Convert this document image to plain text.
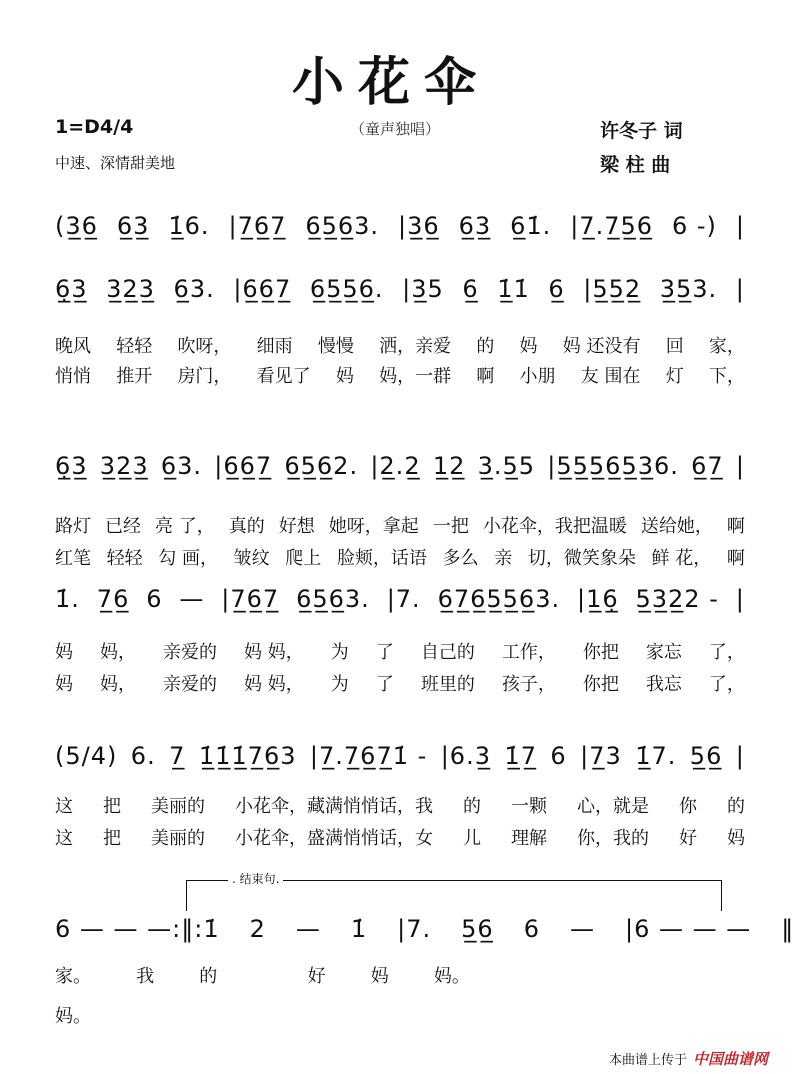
小花伞
1=D4/4
中速、深情甜美地
（童声独唱）	许冬子 词
梁 柱 曲
(3̲6̲ 6̲3̲ 1̲̇6. |7̲6̲7̲ 6̲5̲6̲3. |3̲6̲ 6̲3̲ 6̲1̇. |7̲.7̲5̲6̲ 6 -) |
6̣̲3̲ 3̲2̲3̲ 6̲3. |6̲6̲7̲ 6̲5̲5̲6̲. |3̲5 6̲ 1̲̇1̇ 6̲ |5̲5̲2̲ 3̲5̲3. |
晚风 轻轻 吹呀， 细雨 慢慢 洒，亲爱 的 妈 妈 还没有 回 家，
悄悄 推开 房门， 看见了 妈 妈，一群 啊 小朋 友 围在 灯 下，
6̣̲3̲ 3̲2̲3̲ 6̲3. |6̲6̲7̲ 6̲5̲6̲2. |2̲.2̲ 1̲2̲ 3̲.5̲5 |5̲5̲5̲6̲5̲3̲6. 6̲7̲ |
路灯 已经 亮 了， 真的 好想 她呀，拿起 一把 小花伞，我把温暖 送给她， 啊
红笔 轻轻 勾 画， 皱纹 爬上 脸颊，话语 多么 亲 切，微笑象朵 鲜 花， 啊
1̇. 7̲6̲ 6 — |7̲6̲7̲ 6̲5̲6̲3. |7. 6̲7̲6̲5̲5̲6̲3. |1̲6̣̲ 5̲3̲2̲2 - |
妈 妈， 亲爱的 妈 妈， 为 了 自己的 工作， 你把 家忘 了，
妈 妈， 亲爱的 妈 妈， 为 了 班里的 孩子， 你把 我忘 了，
(5/4) 6. 7̲ 1̲̇1̲̇1̲̇7̲6̲3 |7̲.7̲6̲7̲1̇ - |6.3̲ 1̲̇7̲ 6 |7̲3 1̲̇7. 5̲6̲ |
这 把 美丽的 小花伞，藏满悄悄话，我 的 一颗 心，就是 你 的
这 把 美丽的 小花伞，盛满悄悄话，女 儿 理解 你，我的 好 妈
6 — — —:‖:1̇ 2 — 1̇ |7. 5̲6̲ 6 — |6 — — — ‖
家。	我	的	好	妈	妈。
妈。
. 结束句.
本曲谱上传于 中国曲谱网
